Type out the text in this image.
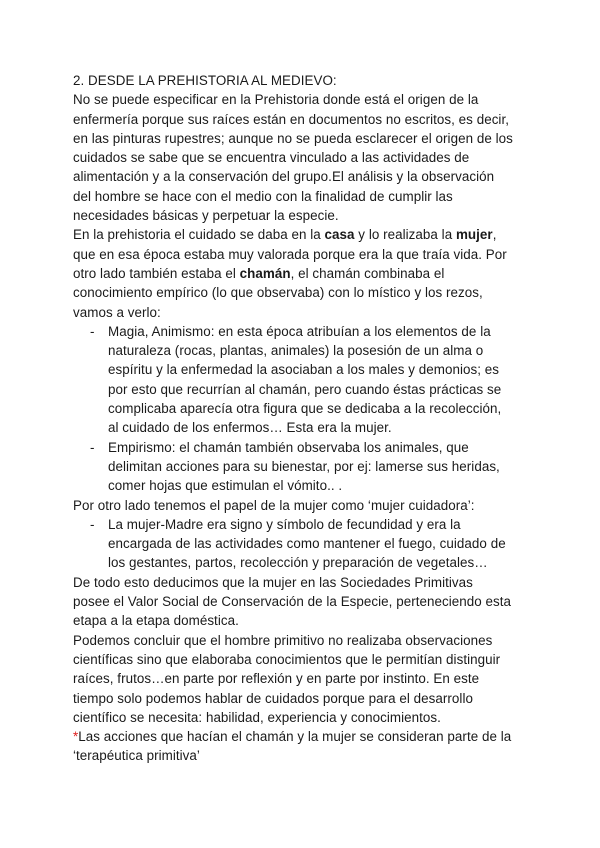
2. DESDE LA PREHISTORIA AL MEDIEVO:

No se puede especificar en la Prehistoria donde está el origen de la enfermería porque sus raíces están en documentos no escritos, es decir, en las pinturas rupestres; aunque no se pueda esclarecer el origen de los cuidados se sabe que se encuentra vinculado a las actividades de alimentación y a la conservación del grupo.El análisis y la observación del hombre se hace con el medio con la finalidad de cumplir las necesidades básicas y perpetuar la especie.

En la prehistoria el cuidado se daba en la casa y lo realizaba la mujer, que en esa época estaba muy valorada porque era la que traía vida. Por otro lado también estaba el chamán, el chamán combinaba el conocimiento empírico (lo que observaba) con lo místico y los rezos, vamos a verlo:

- Magia, Animismo: en esta época atribuían a los elementos de la naturaleza (rocas, plantas, animales) la posesión de un alma o espíritu y la enfermedad la asociaban a los males y demonios; es por esto que recurrían al chamán, pero cuando éstas prácticas se complicaba aparecía otra figura que se dedicaba a la recolección, al cuidado de los enfermos… Esta era la mujer.
- Empirismo: el chamán también observaba los animales, que delimitan acciones para su bienestar, por ej: lamerse sus heridas, comer hojas que estimulan el vómito.. .

Por otro lado tenemos el papel de la mujer como ‘mujer cuidadora’:

- La mujer-Madre era signo y símbolo de fecundidad y era la encargada de las actividades como mantener el fuego, cuidado de los gestantes, partos, recolección y preparación de vegetales…

De todo esto deducimos que la mujer en las Sociedades Primitivas posee el Valor Social de Conservación de la Especie, perteneciendo esta etapa a la etapa doméstica.

Podemos concluir que el hombre primitivo no realizaba observaciones científicas sino que elaboraba conocimientos que le permitían distinguir raíces, frutos…en parte por reflexión y en parte por instinto. En este tiempo solo podemos hablar de cuidados porque para el desarrollo científico se necesita: habilidad, experiencia y conocimientos.

*Las acciones que hacían el chamán y la mujer se consideran parte de la ‘terapéutica primitiva’
